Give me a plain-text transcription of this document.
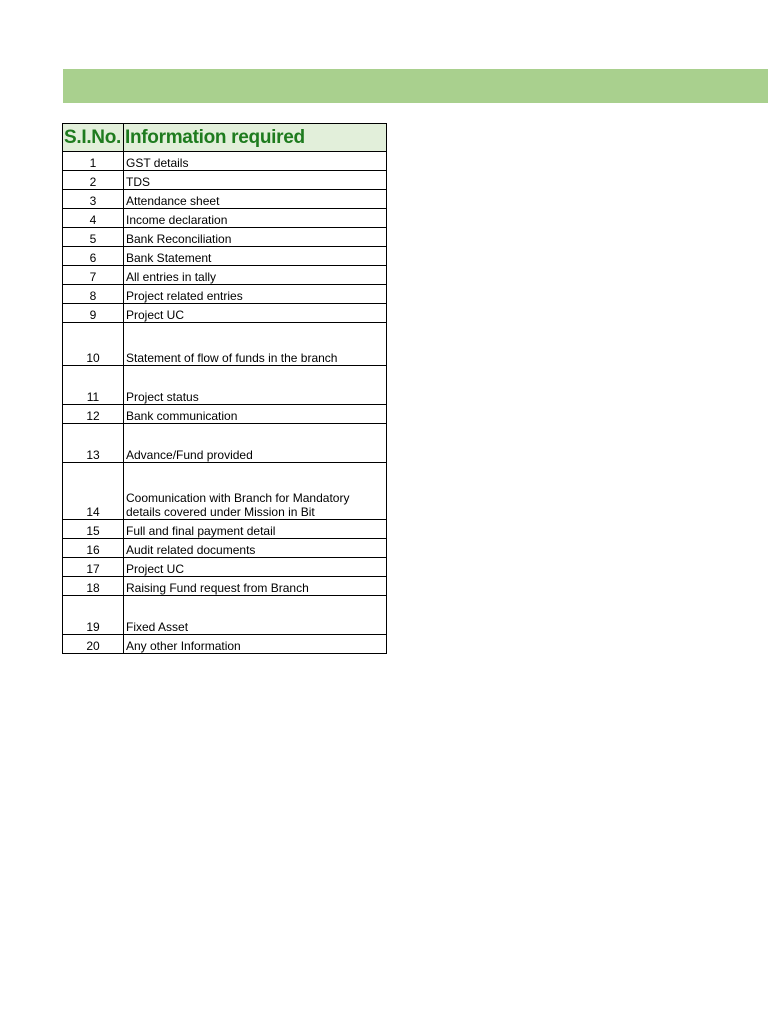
S.I.No.	Information required
1	GST details
2	TDS
3	Attendance sheet
4	Income declaration
5	Bank Reconciliation
6	Bank Statement
7	All entries in tally
8	Project related entries
9	Project UC
10	Statement of flow of funds in the branch
11	Project status
12	Bank communication
13	Advance/Fund provided
14	Coomunication with Branch for Mandatory
details covered under Mission in Bit
15	Full and final payment detail
16	Audit related documents
17	Project UC
18	Raising Fund request from Branch
19	Fixed Asset
20	Any other Information
